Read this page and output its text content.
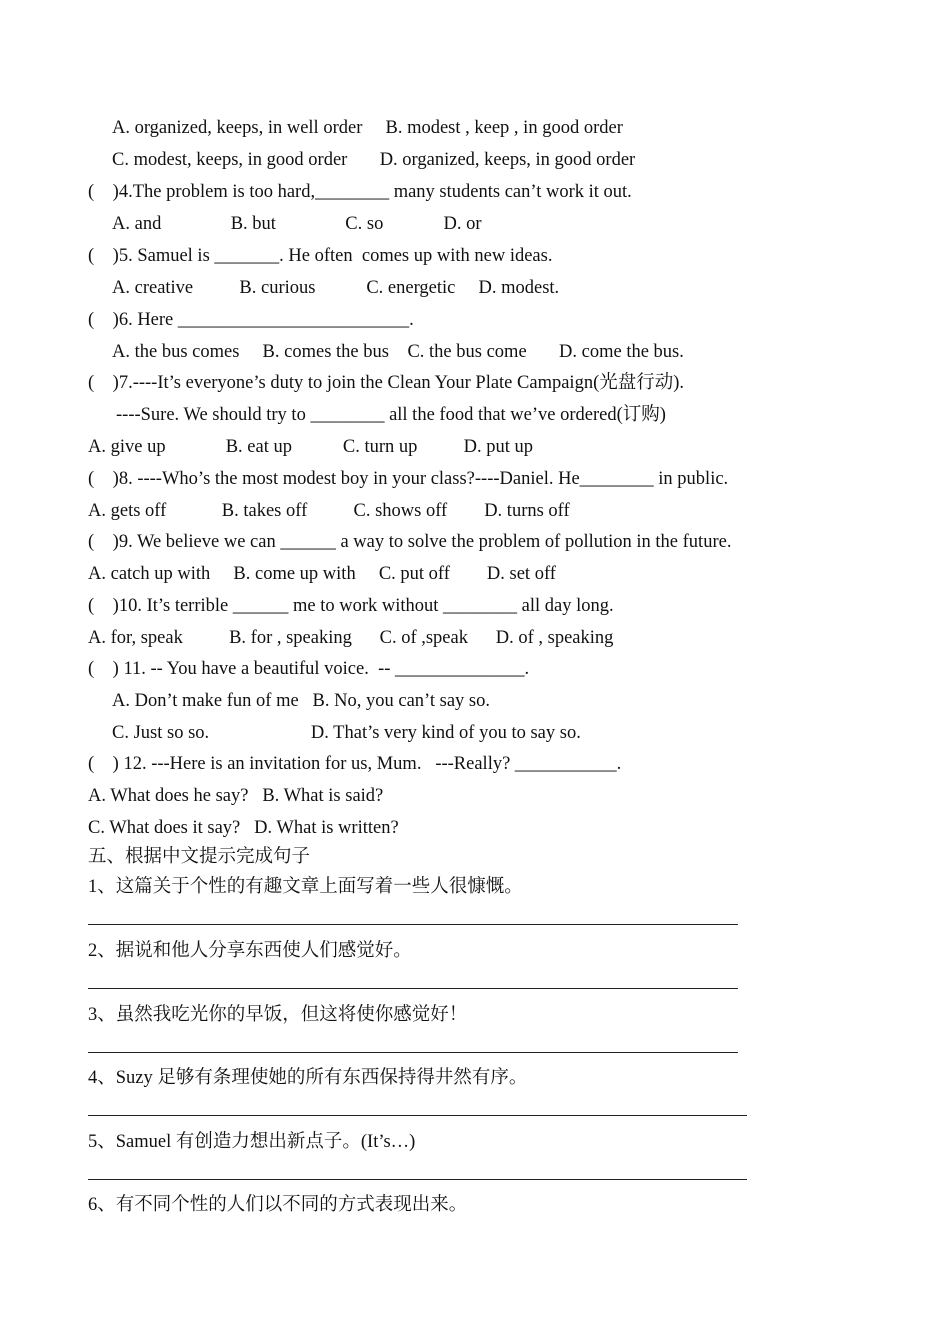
A. organized, keeps, in well order     B. modest , keep , in good order
C. modest, keeps, in good order       D. organized, keeps, in good order
(    )4.The problem is too hard,________ many students can’t work it out.
A. and               B. but               C. so             D. or
(    )5. Samuel is _______. He often  comes up with new ideas.
A. creative          B. curious           C. energetic     D. modest.
(    )6. Here _________________________.
A. the bus comes     B. comes the bus    C. the bus come       D. come the bus.
(    )7.----It’s everyone’s duty to join the Clean Your Plate Campaign(光盘行动).
----Sure. We should try to ________ all the food that we’ve ordered(订购)
A. give up             B. eat up           C. turn up          D. put up
(    )8. ----Who’s the most modest boy in your class?----Daniel. He________ in public.
A. gets off            B. takes off          C. shows off        D. turns off
(    )9. We believe we can ______ a way to solve the problem of pollution in the future.
A. catch up with     B. come up with     C. put off        D. set off
(    )10. It’s terrible ______ me to work without ________ all day long.
A. for, speak          B. for , speaking      C. of ,speak      D. of , speaking
(    ) 11. -- You have a beautiful voice.  -- ______________.
A. Don’t make fun of me   B. No, you can’t say so.
C. Just so so.                      D. That’s very kind of you to say so.
(    ) 12. ---Here is an invitation for us, Mum.   ---Really? ___________.
A. What does he say?   B. What is said?
C. What does it say?   D. What is written?
五、根据中文提示完成句子
1、这篇关于个性的有趣文章上面写着一些人很慷慨。
2、据说和他人分享东西使人们感觉好。
3、虽然我吃光你的早饭，但这将使你感觉好！
4、Suzy 足够有条理使她的所有东西保持得井然有序。
5、Samuel 有创造力想出新点子。(It’s…)
6、有不同个性的人们以不同的方式表现出来。
